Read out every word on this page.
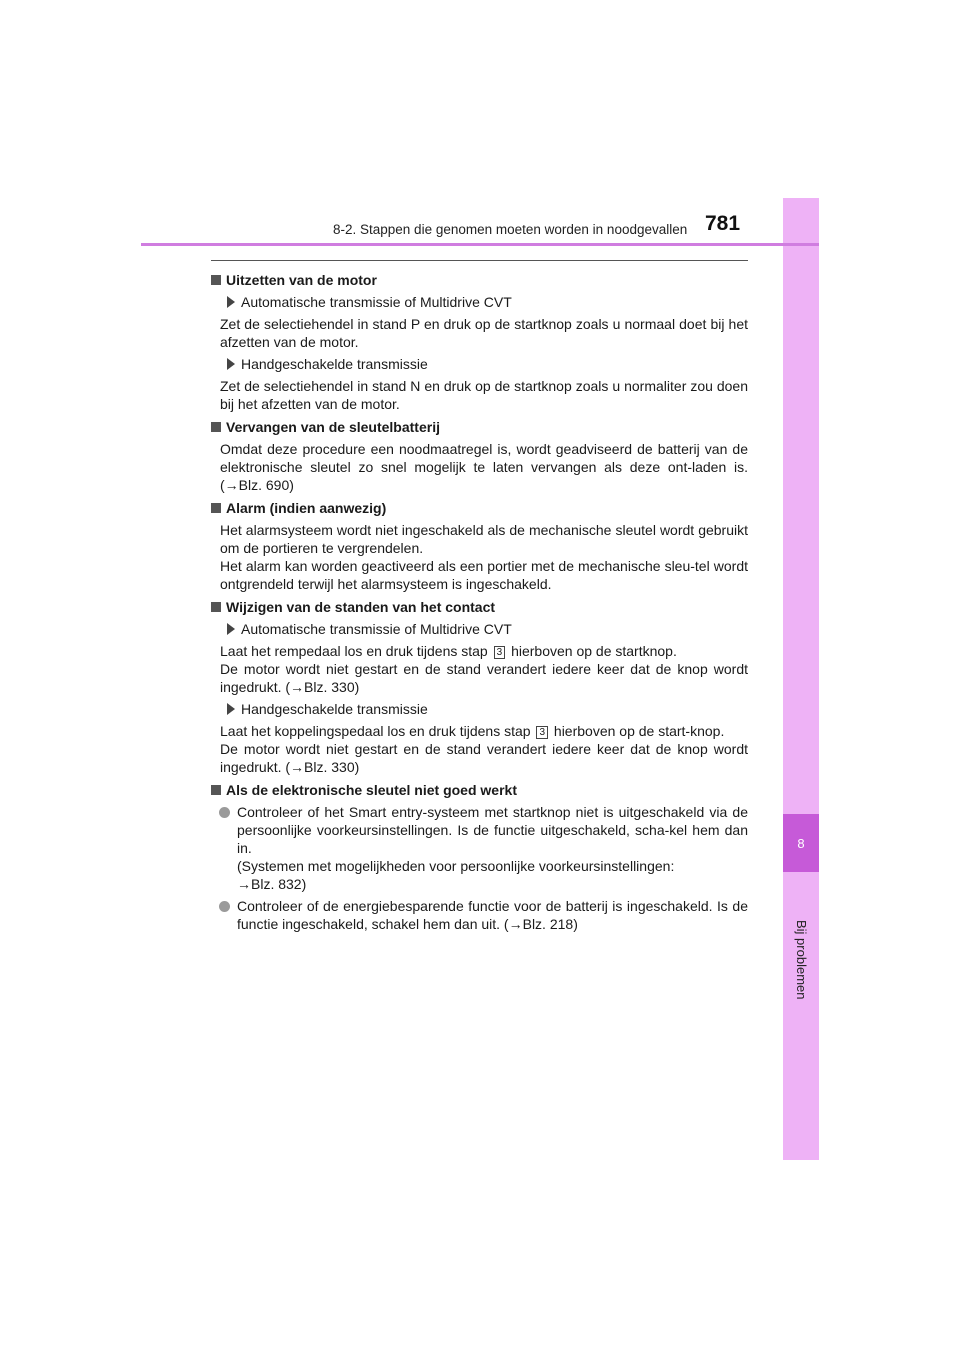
8
Bij problemen
8-2. Stappen die genomen moeten worden in noodgevallen 781
Uitzetten van de motor
Automatische transmissie of Multidrive CVT
Zet de selectiehendel in stand P en druk op de startknop zoals u normaal doet bij het afzetten van de motor.
Handgeschakelde transmissie
Zet de selectiehendel in stand N en druk op de startknop zoals u normaliter zou doen bij het afzetten van de motor.
Vervangen van de sleutelbatterij
Omdat deze procedure een noodmaatregel is, wordt geadviseerd de batterij van de elektronische sleutel zo snel mogelijk te laten vervangen als deze ont-laden is. (→Blz. 690)
Alarm (indien aanwezig)
Het alarmsysteem wordt niet ingeschakeld als de mechanische sleutel wordt gebruikt om de portieren te vergrendelen.
Het alarm kan worden geactiveerd als een portier met de mechanische sleu-tel wordt ontgrendeld terwijl het alarmsysteem is ingeschakeld.
Wijzigen van de standen van het contact
Automatische transmissie of Multidrive CVT
Laat het rempedaal los en druk tijdens stap 3 hierboven op de startknop.
De motor wordt niet gestart en de stand verandert iedere keer dat de knop wordt ingedrukt. (→Blz. 330)
Handgeschakelde transmissie
Laat het koppelingspedaal los en druk tijdens stap 3 hierboven op de start-knop.
De motor wordt niet gestart en de stand verandert iedere keer dat de knop wordt ingedrukt. (→Blz. 330)
Als de elektronische sleutel niet goed werkt
Controleer of het Smart entry-systeem met startknop niet is uitgeschakeld via de persoonlijke voorkeursinstellingen. Is de functie uitgeschakeld, scha-kel hem dan in.
(Systemen met mogelijkheden voor persoonlijke voorkeursinstellingen:
→Blz. 832)
Controleer of de energiebesparende functie voor de batterij is ingeschakeld. Is de functie ingeschakeld, schakel hem dan uit. (→Blz. 218)
